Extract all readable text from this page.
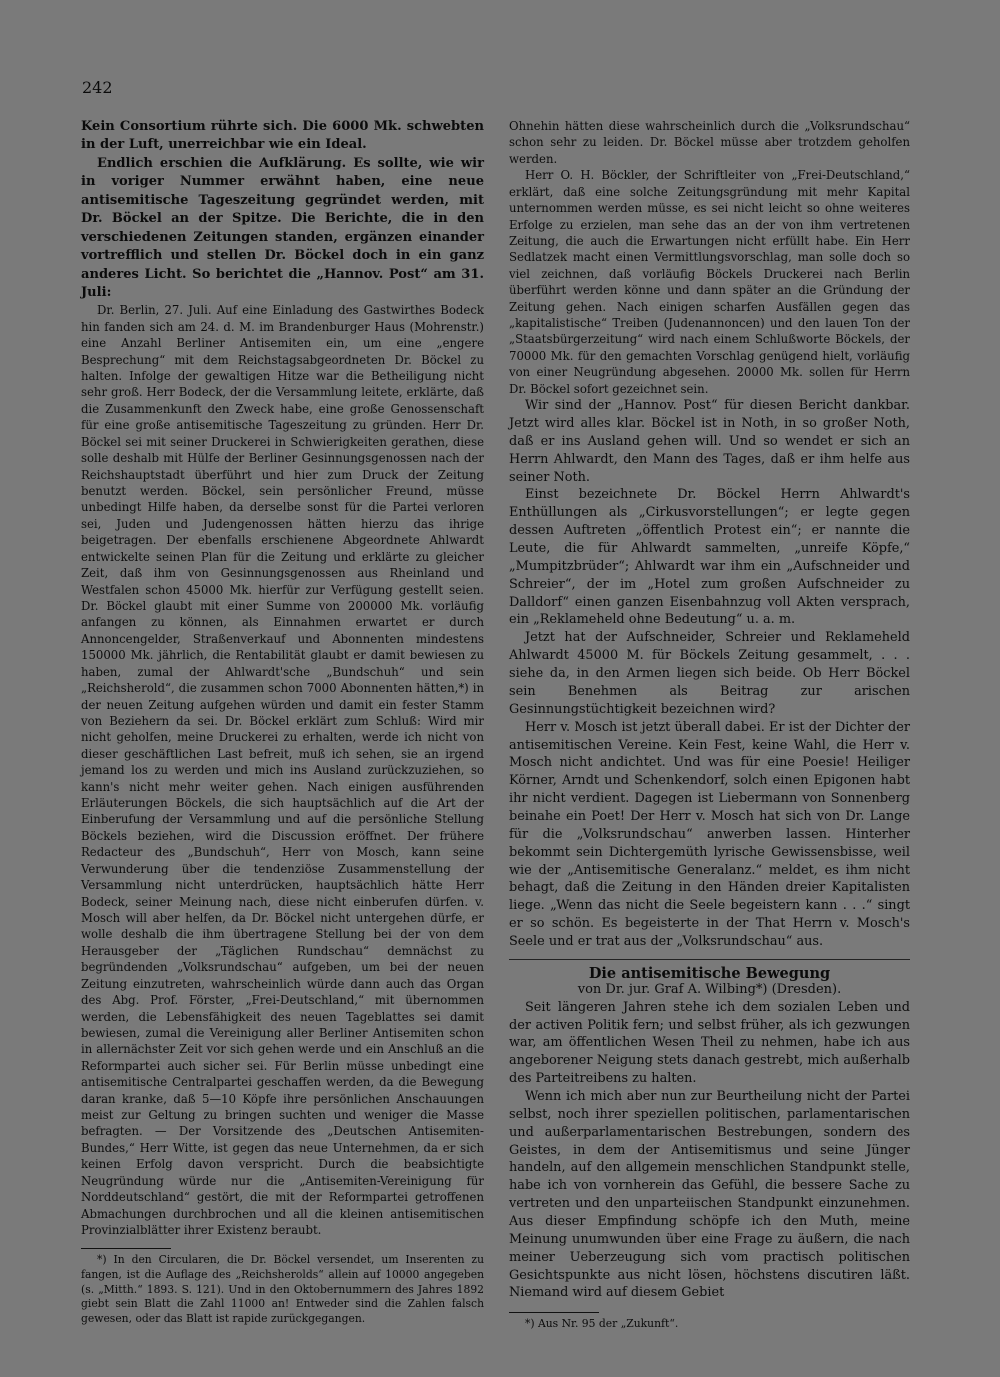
242

Kein Consortium rührte sich. Die 6000 Mk. schwebten in der Luft, unerreichbar wie ein Ideal.

Endlich erschien die Aufklärung. Es sollte, wie wir in voriger Nummer erwähnt haben, eine neue antisemitische Tageszeitung gegründet werden, mit Dr. Böckel an der Spitze. Die Berichte, die in den verschiedenen Zeitungen standen, ergänzen einander vortrefflich und stellen Dr. Böckel doch in ein ganz anderes Licht. So berichtet die „Hannov. Post“ am 31. Juli:

Dr. Berlin, 27. Juli. Auf eine Einladung des Gastwirthes Bodeck hin fanden sich am 24. d. M. im Brandenburger Haus (Mohrenstr.) eine Anzahl Berliner Antisemiten ein, um eine „engere Besprechung“ mit dem Reichstagsabgeordneten Dr. Böckel zu halten. Infolge der gewaltigen Hitze war die Betheiligung nicht sehr groß. Herr Bodeck, der die Versammlung leitete, erklärte, daß die Zusammenkunft den Zweck habe, eine große Genossenschaft für eine große antisemitische Tageszeitung zu gründen. Herr Dr. Böckel sei mit seiner Druckerei in Schwierigkeiten gerathen, diese solle deshalb mit Hülfe der Berliner Gesinnungsgenossen nach der Reichshauptstadt überführt und hier zum Druck der Zeitung benutzt werden. Böckel, sein persönlicher Freund, müsse unbedingt Hilfe haben, da derselbe sonst für die Partei verloren sei, Juden und Judengenossen hätten hierzu das ihrige beigetragen. Der ebenfalls erschienene Abgeordnete Ahlwardt entwickelte seinen Plan für die Zeitung und erklärte zu gleicher Zeit, daß ihm von Gesinnungsgenossen aus Rheinland und Westfalen schon 45000 Mk. hierfür zur Verfügung gestellt seien. Dr. Böckel glaubt mit einer Summe von 200000 Mk. vorläufig anfangen zu können, als Einnahmen erwartet er durch Annoncengelder, Straßenverkauf und Abonnenten mindestens 150000 Mk. jährlich, die Rentabilität glaubt er damit bewiesen zu haben, zumal der Ahlwardt'sche „Bundschuh“ und sein „Reichsherold“, die zusammen schon 7000 Abonnenten hätten,*) in der neuen Zeitung aufgehen würden und damit ein fester Stamm von Beziehern da sei. Dr. Böckel erklärt zum Schluß: Wird mir nicht geholfen, meine Druckerei zu erhalten, werde ich nicht von dieser geschäftlichen Last befreit, muß ich sehen, sie an irgend jemand los zu werden und mich ins Ausland zurückzuziehen, so kann's nicht mehr weiter gehen. Nach einigen ausführenden Erläuterungen Böckels, die sich hauptsächlich auf die Art der Einberufung der Versammlung und auf die persönliche Stellung Böckels beziehen, wird die Discussion eröffnet. Der frühere Redacteur des „Bundschuh“, Herr von Mosch, kann seine Verwunderung über die tendenziöse Zusammenstellung der Versammlung nicht unterdrücken, hauptsächlich hätte Herr Bodeck, seiner Meinung nach, diese nicht einberufen dürfen. v. Mosch will aber helfen, da Dr. Böckel nicht untergehen dürfe, er wolle deshalb die ihm übertragene Stellung bei der von dem Herausgeber der „Täglichen Rundschau“ demnächst zu begründenden „Volksrundschau“ aufgeben, um bei der neuen Zeitung einzutreten, wahrscheinlich würde dann auch das Organ des Abg. Prof. Förster, „Frei-Deutschland,“ mit übernommen werden, die Lebensfähigkeit des neuen Tageblattes sei damit bewiesen, zumal die Vereinigung aller Berliner Antisemiten schon in allernächster Zeit vor sich gehen werde und ein Anschluß an die Reformpartei auch sicher sei. Für Berlin müsse unbedingt eine antisemitische Centralpartei geschaffen werden, da die Bewegung daran kranke, daß 5—10 Köpfe ihre persönlichen Anschauungen meist zur Geltung zu bringen suchten und weniger die Masse befragten. — Der Vorsitzende des „Deutschen Antisemiten-Bundes,“ Herr Witte, ist gegen das neue Unternehmen, da er sich keinen Erfolg davon verspricht. Durch die beabsichtigte Neugründung würde nur die „Antisemiten-Vereinigung für Norddeutschland“ gestört, die mit der Reformpartei getroffenen Abmachungen durchbrochen und all die kleinen antisemitischen Provinzialblätter ihrer Existenz beraubt.

*) In den Circularen, die Dr. Böckel versendet, um Inserenten zu fangen, ist die Auflage des „Reichsherolds“ allein auf 10000 angegeben (s. „Mitth.“ 1893. S. 121). Und in den Oktobernummern des Jahres 1892 giebt sein Blatt die Zahl 11000 an! Entweder sind die Zahlen falsch gewesen, oder das Blatt ist rapide zurückgegangen.

Ohnehin hätten diese wahrscheinlich durch die „Volksrundschau“ schon sehr zu leiden. Dr. Böckel müsse aber trotzdem geholfen werden.

Herr O. H. Böckler, der Schriftleiter von „Frei-Deutschland,“ erklärt, daß eine solche Zeitungsgründung mit mehr Kapital unternommen werden müsse, es sei nicht leicht so ohne weiteres Erfolge zu erzielen, man sehe das an der von ihm vertretenen Zeitung, die auch die Erwartungen nicht erfüllt habe. Ein Herr Sedlatzek macht einen Vermittlungsvorschlag, man solle doch so viel zeichnen, daß vorläufig Böckels Druckerei nach Berlin überführt werden könne und dann später an die Gründung der Zeitung gehen. Nach einigen scharfen Ausfällen gegen das „kapitalistische“ Treiben (Judenannoncen) und den lauen Ton der „Staatsbürgerzeitung“ wird nach einem Schlußworte Böckels, der 70000 Mk. für den gemachten Vorschlag genügend hielt, vorläufig von einer Neugründung abgesehen. 20000 Mk. sollen für Herrn Dr. Böckel sofort gezeichnet sein.

Wir sind der „Hannov. Post“ für diesen Bericht dankbar. Jetzt wird alles klar. Böckel ist in Noth, in so großer Noth, daß er ins Ausland gehen will. Und so wendet er sich an Herrn Ahlwardt, den Mann des Tages, daß er ihm helfe aus seiner Noth.

Einst bezeichnete Dr. Böckel Herrn Ahlwardt's Enthüllungen als „Cirkusvorstellungen“; er legte gegen dessen Auftreten „öffentlich Protest ein“; er nannte die Leute, die für Ahlwardt sammelten, „unreife Köpfe,“ „Mumpitzbrüder“; Ahlwardt war ihm ein „Aufschneider und Schreier“, der im „Hotel zum großen Aufschneider zu Dalldorf“ einen ganzen Eisenbahnzug voll Akten versprach, ein „Reklameheld ohne Bedeutung“ u. a. m.

Jetzt hat der Aufschneider, Schreier und Reklameheld Ahlwardt 45000 M. für Böckels Zeitung gesammelt, . . . siehe da, in den Armen liegen sich beide. Ob Herr Böckel sein Benehmen als Beitrag zur arischen Gesinnungstüchtigkeit bezeichnen wird?

Herr v. Mosch ist jetzt überall dabei. Er ist der Dichter der antisemitischen Vereine. Kein Fest, keine Wahl, die Herr v. Mosch nicht andichtet. Und was für eine Poesie! Heiliger Körner, Arndt und Schenkendorf, solch einen Epigonen habt ihr nicht verdient. Dagegen ist Liebermann von Sonnenberg beinahe ein Poet! Der Herr v. Mosch hat sich von Dr. Lange für die „Volksrundschau“ anwerben lassen. Hinterher bekommt sein Dichtergemüth lyrische Gewissensbisse, weil wie der „Antisemitische Generalanz.“ meldet, es ihm nicht behagt, daß die Zeitung in den Händen dreier Kapitalisten liege. „Wenn das nicht die Seele begeistern kann . . .“ singt er so schön. Es begeisterte in der That Herrn v. Mosch's Seele und er trat aus der „Volksrundschau“ aus.

Die antisemitische Bewegung

von Dr. jur. Graf A. Wilbing*) (Dresden).

Seit längeren Jahren stehe ich dem sozialen Leben und der activen Politik fern; und selbst früher, als ich gezwungen war, am öffentlichen Wesen Theil zu nehmen, habe ich aus angeborener Neigung stets danach gestrebt, mich außerhalb des Parteitreibens zu halten.

Wenn ich mich aber nun zur Beurtheilung nicht der Partei selbst, noch ihrer speziellen politischen, parlamentarischen und außerparlamentarischen Bestrebungen, sondern des Geistes, in dem der Antisemitismus und seine Jünger handeln, auf den allgemein menschlichen Standpunkt stelle, habe ich von vornherein das Gefühl, die bessere Sache zu vertreten und den unparteiischen Standpunkt einzunehmen. Aus dieser Empfindung schöpfe ich den Muth, meine Meinung unumwunden über eine Frage zu äußern, die nach meiner Ueberzeugung sich vom practisch politischen Gesichtspunkte aus nicht lösen, höchstens discutiren läßt. Niemand wird auf diesem Gebiet

*) Aus Nr. 95 der „Zukunft“.
